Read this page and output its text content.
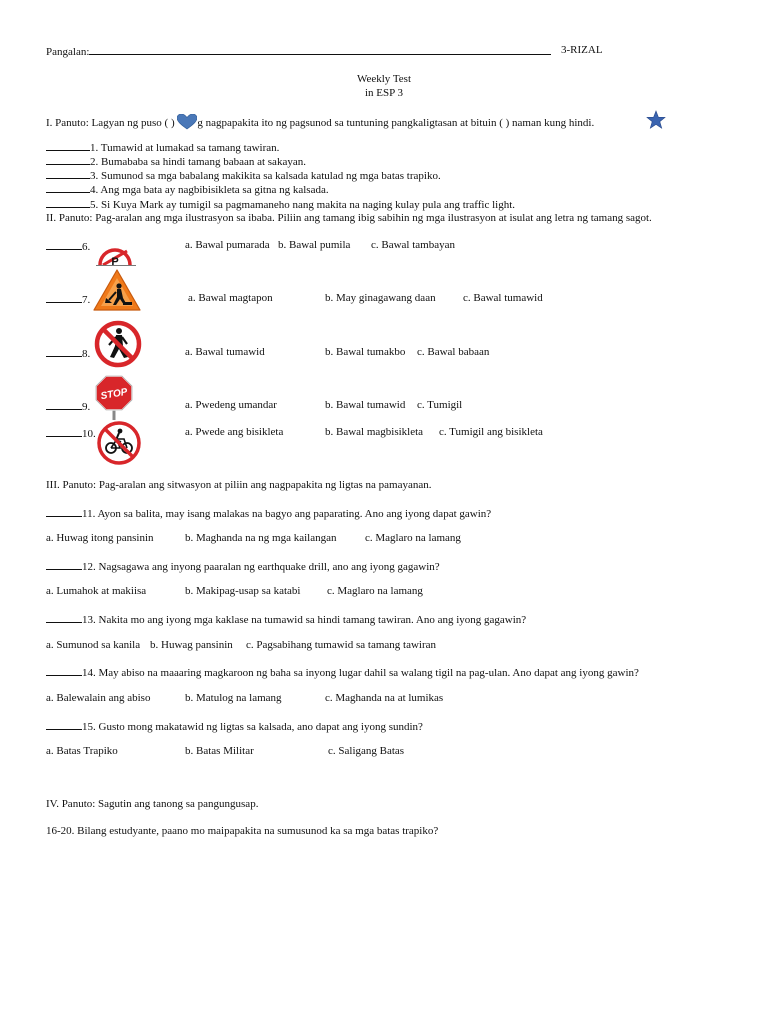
Pangalan:	3-RIZAL
Weekly Test
in ESP 3
I. Panuto: Lagyan ng puso ( ) g nagpapakita ito ng pagsunod sa tuntuning pangkaligtasan at bituin ( ) naman kung hindi.
1. Tumawid at lumakad sa tamang tawiran.
2. Bumababa sa hindi tamang babaan at sakayan.
3. Sumunod sa mga babalang makikita sa kalsada katulad ng mga batas trapiko.
4. Ang mga bata ay nagbibisikleta sa gitna ng kalsada.
5. Si Kuya Mark ay tumigil sa pagmamaneho nang makita na naging kulay pula ang traffic light.
II. Panuto: Pag-aralan ang mga ilustrasyon sa ibaba. Piliin ang tamang ibig sabihin ng mga ilustrasyon at isulat ang letra ng tamang sagot.
6.
P
a. Bawal pumarada b. Bawal pumila c. Bawal tambayan
7.	a. Bawal magtapon	b. May ginagawang daan c. Bawal tumawid
8.	a. Bawal tumawid	b. Bawal tumakbo c. Bawal babaan
9.
STOP
a. Pwedeng umandar	b. Bawal tumawid c. Tumigil
10.	a. Pwede ang bisikleta	b. Bawal magbisikleta c. Tumigil ang bisikleta
III. Panuto: Pag-aralan ang sitwasyon at piliin ang nagpapakita ng ligtas na pamayanan.
11. Ayon sa balita, may isang malakas na bagyo ang paparating. Ano ang iyong dapat gawin?
a. Huwag itong pansinin	b. Maghanda na ng mga kailangan	c. Maglaro na lamang
12. Nagsagawa ang inyong paaralan ng earthquake drill, ano ang iyong gagawin?
a. Lumahok at makiisa	b. Makipag-usap sa katabi c. Maglaro na lamang
13. Nakita mo ang iyong mga kaklase na tumawid sa hindi tamang tawiran. Ano ang iyong gagawin?
a. Sumunod sa kanila b. Huwag pansinin c. Pagsabihang tumawid sa tamang tawiran
14. May abiso na maaaring magkaroon ng baha sa inyong lugar dahil sa walang tigil na pag-ulan. Ano dapat ang iyong gawin?
a. Balewalain ang abiso	b. Matulog na lamang	c. Maghanda na at lumikas
15. Gusto mong makatawid ng ligtas sa kalsada, ano dapat ang iyong sundin?
a. Batas Trapiko	b. Batas Militar	c. Saligang Batas
IV. Panuto: Sagutin ang tanong sa pangungusap.
16-20. Bilang estudyante, paano mo maipapakita na sumusunod ka sa mga batas trapiko?
